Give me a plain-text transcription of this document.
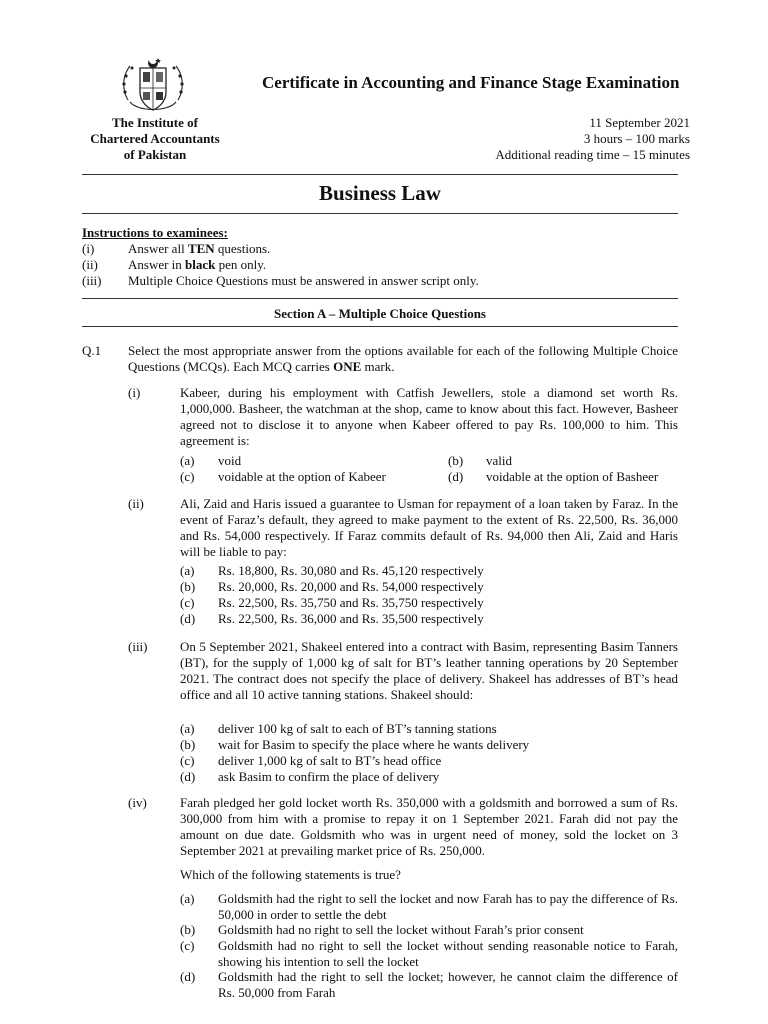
Certificate in Accounting and Finance Stage Examination
The Institute of
Chartered Accountants
of Pakistan
11 September 2021
3 hours – 100 marks
Additional reading time – 15 minutes
Business Law
Instructions to examinees:
(i)	Answer all TEN questions.
(ii) Answer in black pen only.
(iii) Multiple Choice Questions must be answered in answer script only.
Section A – Multiple Choice Questions
Q.1 Select the most appropriate answer from the options available for each of the following Multiple Choice Questions (MCQs). Each MCQ carries ONE mark.
(i)	Kabeer, during his employment with Catfish Jewellers, stole a diamond set worth Rs. 1,000,000. Basheer, the watchman at the shop, came to know about this fact. However, Basheer agreed not to disclose it to anyone when Kabeer offered to pay Rs. 100,000 to him. This agreement is:
(a) void	(b) valid
(c) voidable at the option of Kabeer	(d) voidable at the option of Basheer
(ii)	Ali, Zaid and Haris issued a guarantee to Usman for repayment of a loan taken by Faraz. In the event of Faraz’s default, they agreed to make payment to the extent of Rs. 22,500, Rs. 36,000 and Rs. 54,000 respectively. If Faraz commits default of Rs. 94,000 then Ali, Zaid and Haris will be liable to pay:
(a) Rs. 18,800, Rs. 30,080 and Rs. 45,120 respectively
(b) Rs. 20,000, Rs. 20,000 and Rs. 54,000 respectively
(c) Rs. 22,500, Rs. 35,750 and Rs. 35,750 respectively
(d) Rs. 22,500, Rs. 36,000 and Rs. 35,500 respectively
(iii)	On 5 September 2021, Shakeel entered into a contract with Basim, representing Basim Tanners (BT), for the supply of 1,000 kg of salt for BT’s leather tanning operations by 20 September 2021. The contract does not specify the place of delivery. Shakeel has addresses of BT’s head office and all 10 active tanning stations. Shakeel should:
(a) deliver 100 kg of salt to each of BT’s tanning stations
(b) wait for Basim to specify the place where he wants delivery
(c) deliver 1,000 kg of salt to BT’s head office
(d) ask Basim to confirm the place of delivery
(iv)	Farah pledged her gold locket worth Rs. 350,000 with a goldsmith and borrowed a sum of Rs. 300,000 from him with a promise to repay it on 1 September 2021. Farah did not pay the amount on due date. Goldsmith who was in urgent need of money, sold the locket on 3 September 2021 at prevailing market price of Rs. 250,000.
Which of the following statements is true?
(a) Goldsmith had the right to sell the locket and now Farah has to pay the difference of Rs. 50,000 in order to settle the debt
(b) Goldsmith had no right to sell the locket without Farah’s prior consent
(c) Goldsmith had no right to sell the locket without sending reasonable notice to Farah, showing his intention to sell the locket
(d) Goldsmith had the right to sell the locket; however, he cannot claim the difference of Rs. 50,000 from Farah
